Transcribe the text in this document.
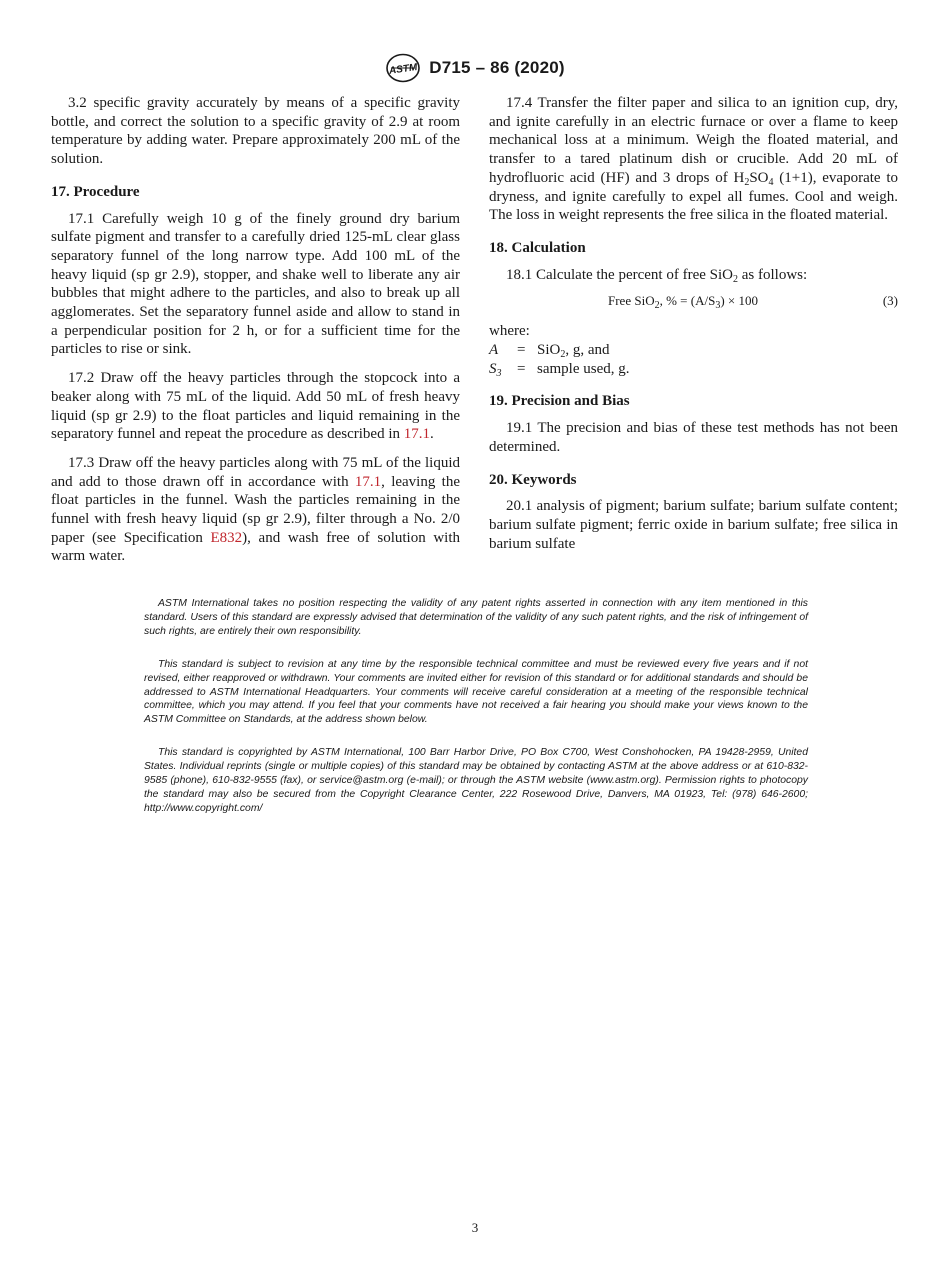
ASTM D715 – 86 (2020)

3.2 specific gravity accurately by means of a specific gravity bottle, and correct the solution to a specific gravity of 2.9 at room temperature by adding water. Prepare approximately 200 mL of the solution.

17. Procedure

17.1 Carefully weigh 10 g of the finely ground dry barium sulfate pigment and transfer to a carefully dried 125-mL clear glass separatory funnel of the long narrow type. Add 100 mL of the heavy liquid (sp gr 2.9), stopper, and shake well to liberate any air bubbles that might adhere to the particles, and also to break up all agglomerates. Set the separatory funnel aside and allow to stand in a perpendicular position for 2 h, or for a sufficient time for the particles to rise or sink.

17.2 Draw off the heavy particles through the stopcock into a beaker along with 75 mL of the liquid. Add 50 mL of fresh heavy liquid (sp gr 2.9) to the float particles and liquid remaining in the separatory funnel and repeat the procedure as described in 17.1.

17.3 Draw off the heavy particles along with 75 mL of the liquid and add to those drawn off in accordance with 17.1, leaving the float particles in the funnel. Wash the particles remaining in the funnel with fresh heavy liquid (sp gr 2.9), filter through a No. 2/0 paper (see Specification E832), and wash free of solution with warm water.

17.4 Transfer the filter paper and silica to an ignition cup, dry, and ignite carefully in an electric furnace or over a flame to keep mechanical loss at a minimum. Weigh the floated material, and transfer to a tared platinum dish or crucible. Add 20 mL of hydrofluoric acid (HF) and 3 drops of $H_2SO_4$ (1+1), evaporate to dryness, and ignite carefully to expel all fumes. Cool and weigh. The loss in weight represents the free silica in the floated material.

18. Calculation

18.1 Calculate the percent of free SiO$_2$ as follows:

Free SiO$_2$, % = $(A/S_3) \times 100$	(3)
where:
A	= SiO$_2$, g, and
$S_3$	= sample used, g.
19. Precision and Bias

19.1 The precision and bias of these test methods has not been determined.

20. Keywords

20.1 analysis of pigment; barium sulfate; barium sulfate content; barium sulfate pigment; ferric oxide in barium sulfate; free silica in barium sulfate

ASTM International takes no position respecting the validity of any patent rights asserted in connection with any item mentioned in this standard. Users of this standard are expressly advised that determination of the validity of any such patent rights, and the risk of infringement of such rights, are entirely their own responsibility.

This standard is subject to revision at any time by the responsible technical committee and must be reviewed every five years and if not revised, either reapproved or withdrawn. Your comments are invited either for revision of this standard or for additional standards and should be addressed to ASTM International Headquarters. Your comments will receive careful consideration at a meeting of the responsible technical committee, which you may attend. If you feel that your comments have not received a fair hearing you should make your views known to the ASTM Committee on Standards, at the address shown below.

This standard is copyrighted by ASTM International, 100 Barr Harbor Drive, PO Box C700, West Conshohocken, PA 19428-2959, United States. Individual reprints (single or multiple copies) of this standard may be obtained by contacting ASTM at the above address or at 610-832-9585 (phone), 610-832-9555 (fax), or service@astm.org (e-mail); or through the ASTM website (www.astm.org). Permission rights to photocopy the standard may also be secured from the Copyright Clearance Center, 222 Rosewood Drive, Danvers, MA 01923, Tel: (978) 646-2600; http://www.copyright.com/

3
